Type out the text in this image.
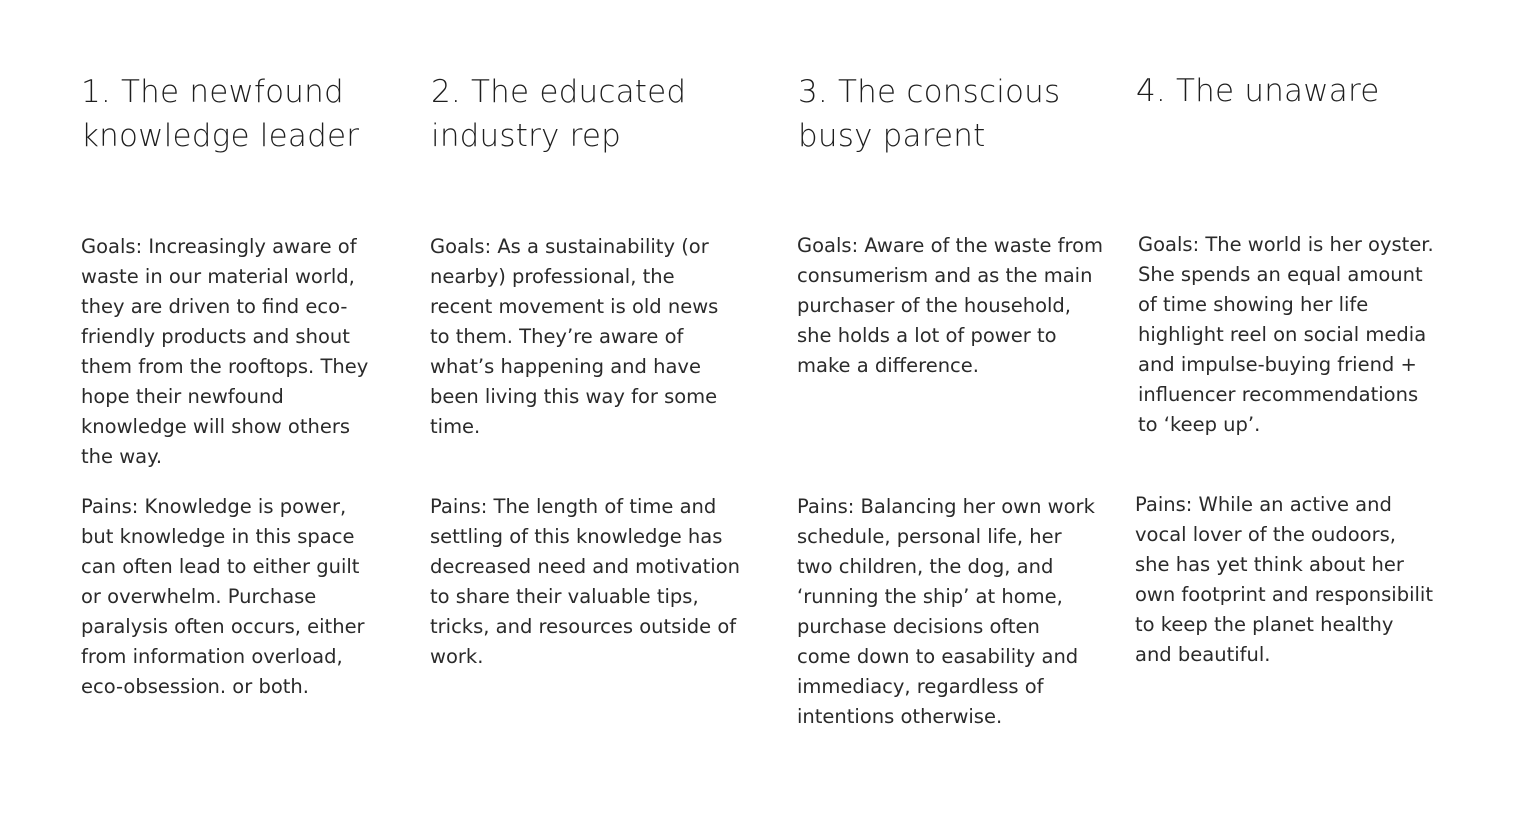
1. The newfound
knowledge leader

Goals: Increasingly aware of waste in our material world, they are driven to find eco-friendly products and shout them from the rooftops. They hope their newfound knowledge will show others the way.

Pains: Knowledge is power, but knowledge in this space can often lead to either guilt or overwhelm. Purchase paralysis often occurs, either from information overload, eco-obsession. or both.

2. The educated
industry rep

Goals: As a sustainability (or nearby) professional, the recent movement is old news to them. They’re aware of what’s happening and have been living this way for some time.

Pains: The length of time and settling of this knowledge has decreased need and motivation to share their valuable tips, tricks, and resources outside of work.

3. The conscious
busy parent

Goals: Aware of the waste from consumerism and as the main purchaser of the household, she holds a lot of power to make a difference.

Pains: Balancing her own work schedule, personal life, her two children, the dog, and ‘running the ship’ at home, purchase decisions often come down to easability and immediacy, regardless of intentions otherwise.

4. The unaware

Goals: The world is her oyster. She spends an equal amount of time showing her life highlight reel on social media and impulse-buying friend + influencer recommendations to ‘keep up’.

Pains: While an active and vocal lover of the oudoors, she has yet think about her own footprint and responsibilit to keep the planet healthy and beautiful.
